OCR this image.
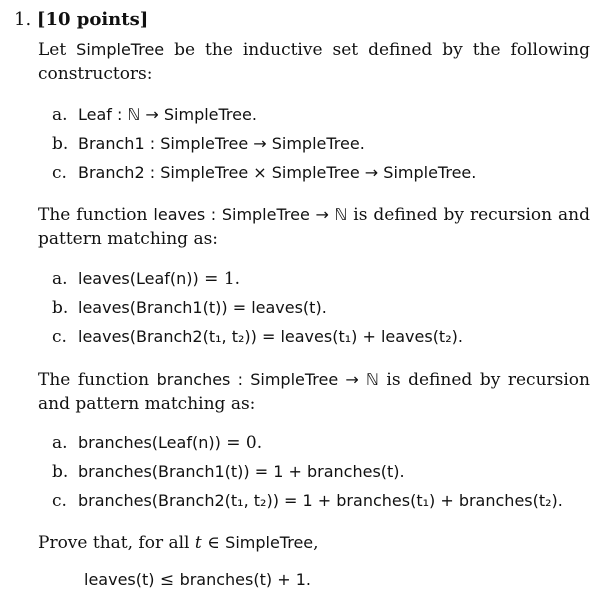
1. [10 points]
Let SimpleTree be the inductive set defined by the following constructors:
a. Leaf : ℕ → SimpleTree.
b. Branch1 : SimpleTree → SimpleTree.
c. Branch2 : SimpleTree × SimpleTree → SimpleTree.
The function leaves : SimpleTree → ℕ is defined by recursion and pattern matching as:
a. leaves(Leaf(n)) = 1.
b. leaves(Branch1(t)) = leaves(t).
c. leaves(Branch2(t₁, t₂)) = leaves(t₁) + leaves(t₂).
The function branches : SimpleTree → ℕ is defined by recursion and pattern matching as:
a. branches(Leaf(n)) = 0.
b. branches(Branch1(t)) = 1 + branches(t).
c. branches(Branch2(t₁, t₂)) = 1 + branches(t₁) + branches(t₂).
Prove that, for all t ∈ SimpleTree,
leaves(t) ≤ branches(t) + 1.
